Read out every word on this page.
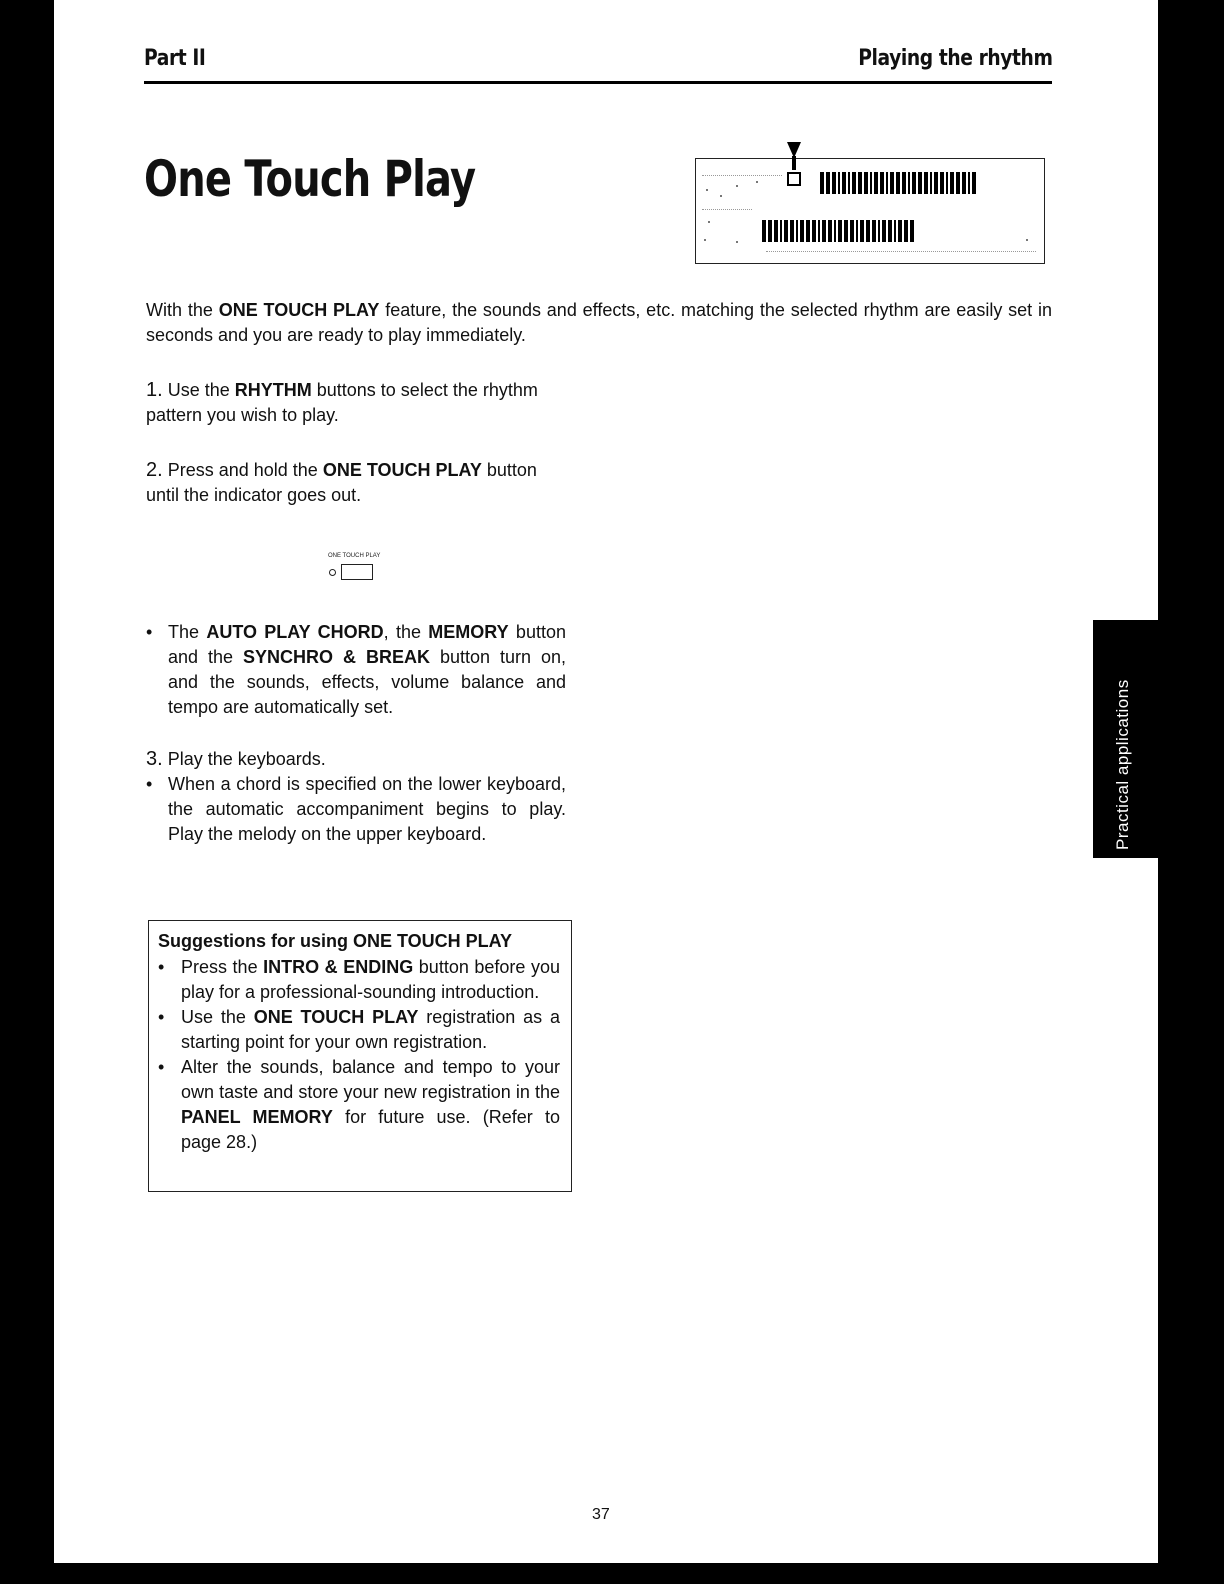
Part II	Playing the rhythm
One Touch Play

With the ONE TOUCH PLAY feature, the sounds and effects, etc. matching the selected rhythm are easily set in seconds and you are ready to play immediately.

1. Use the RHYTHM buttons to select the rhythm pattern you wish to play.

2. Press and hold the ONE TOUCH PLAY button until the indicator goes out.

ONE TOUCH PLAY
• The AUTO PLAY CHORD, the MEMORY button and the SYNCHRO & BREAK button turn on, and the sounds, effects, volume balance and tempo are automatically set.

3. Play the keyboards.

• When a chord is specified on the lower keyboard, the automatic accompaniment begins to play. Play the melody on the upper keyboard.

Suggestions for using ONE TOUCH PLAY

• Press the INTRO & ENDING button before you play for a professional-sounding introduction.

• Use the ONE TOUCH PLAY registration as a starting point for your own registration.

• Alter the sounds, balance and tempo to your own taste and store your new registration in the PANEL MEMORY for future use. (Refer to page 28.)

Practical applications
37
